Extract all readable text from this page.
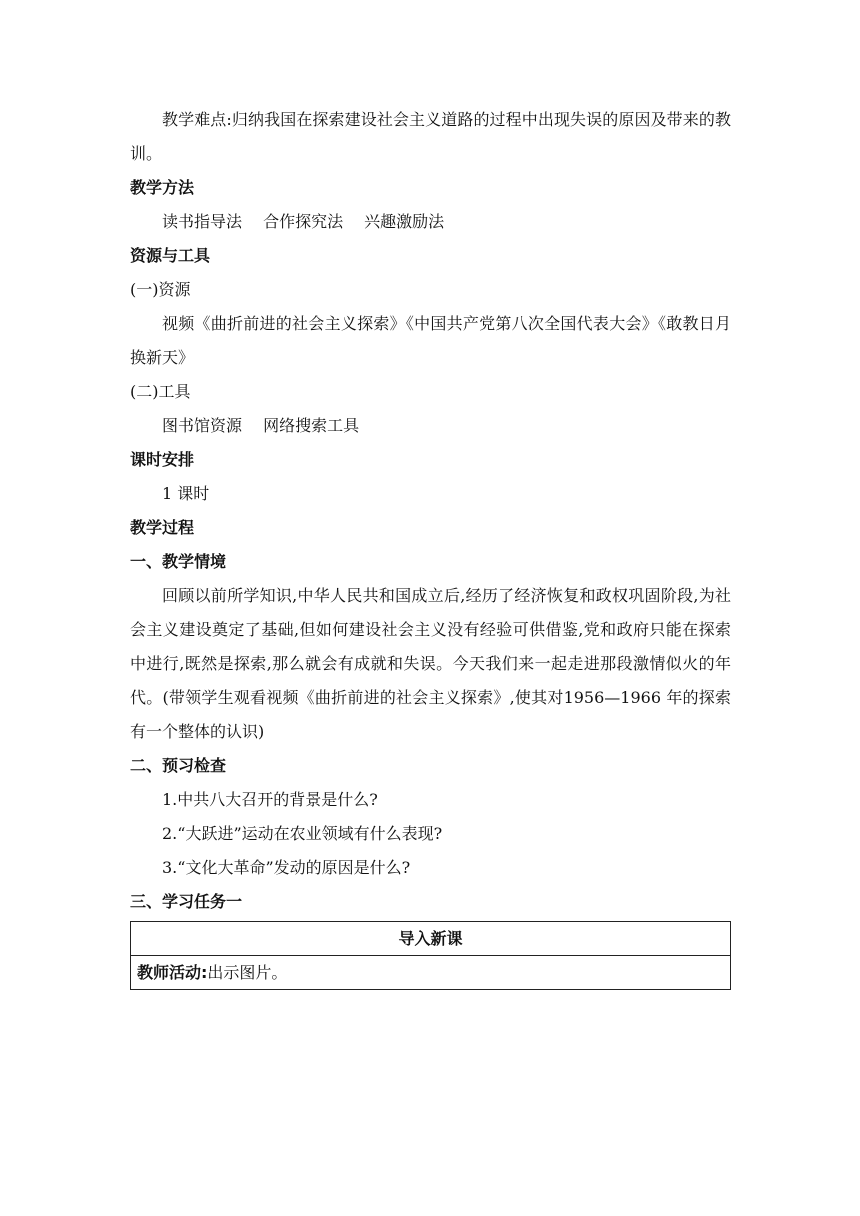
教学难点:归纳我国在探索建设社会主义道路的过程中出现失误的原因及带来的教训。

教学方法

读书指导法　 合作探究法　 兴趣激励法

资源与工具

(一)资源

视频《曲折前进的社会主义探索》《中国共产党第八次全国代表大会》《敢教日月换新天》

(二)工具

图书馆资源　 网络搜索工具

课时安排

1 课时

教学过程

一、教学情境

回顾以前所学知识,中华人民共和国成立后,经历了经济恢复和政权巩固阶段,为社会主义建设奠定了基础,但如何建设社会主义没有经验可供借鉴,党和政府只能在探索中进行,既然是探索,那么就会有成就和失误。今天我们来一起走进那段激情似火的年代。(带领学生观看视频《曲折前进的社会主义探索》,使其对1956—1966 年的探索有一个整体的认识)

二、预习检查

1.中共八大召开的背景是什么?

2.“大跃进”运动在农业领域有什么表现?

3.“文化大革命”发动的原因是什么?

三、学习任务一

导入新课
教师活动:出示图片。
